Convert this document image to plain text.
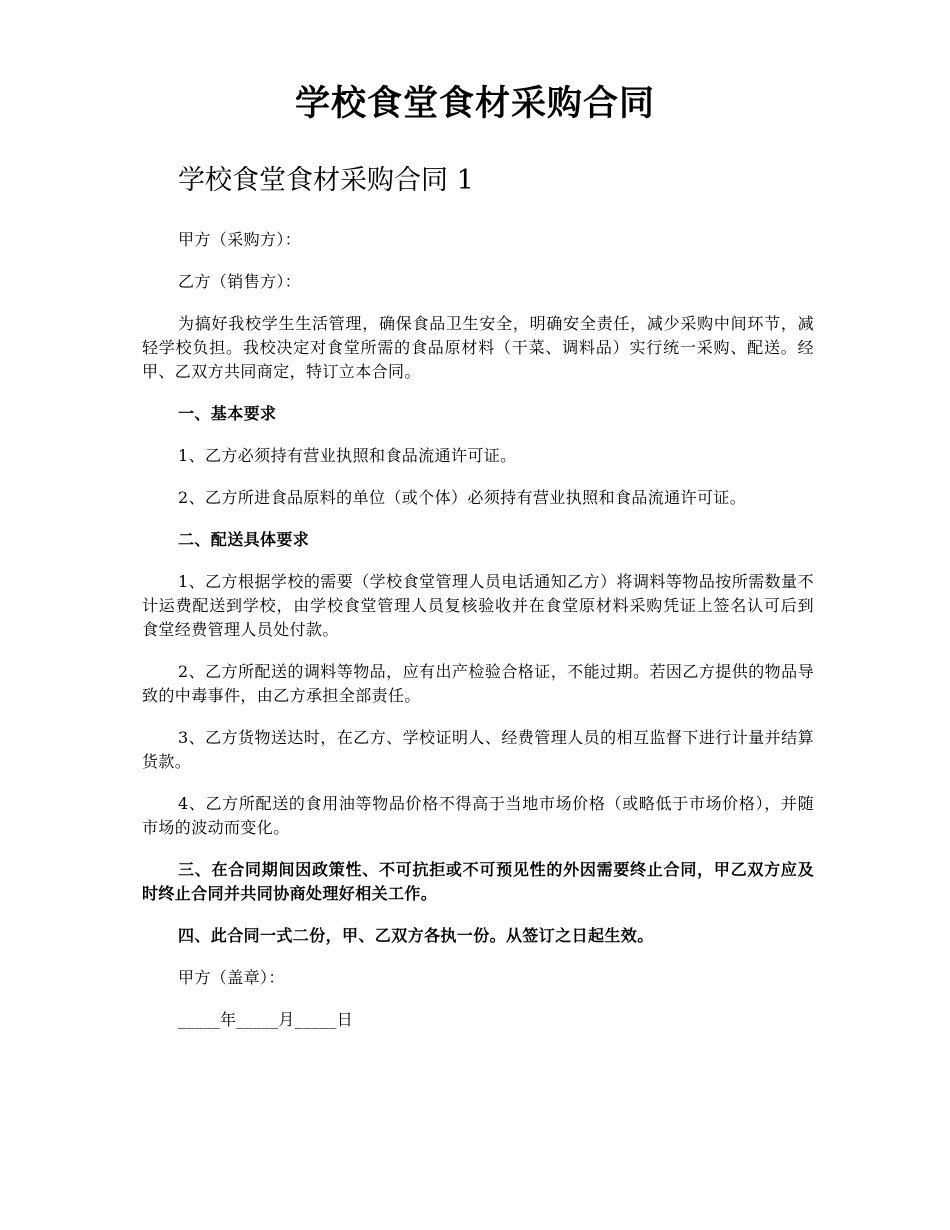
学校食堂食材采购合同
学校食堂食材采购合同 1

甲方（采购方）：

乙方（销售方）：

为搞好我校学生生活管理，确保食品卫生安全，明确安全责任，减少采购中间环节，减轻学校负担。我校决定对食堂所需的食品原材料（干菜、调料品）实行统一采购、配送。经甲、乙双方共同商定，特订立本合同。

一、基本要求

1、乙方必须持有营业执照和食品流通许可证。

2、乙方所进食品原料的单位（或个体）必须持有营业执照和食品流通许可证。

二、配送具体要求

1、乙方根据学校的需要（学校食堂管理人员电话通知乙方）将调料等物品按所需数量不计运费配送到学校，由学校食堂管理人员复核验收并在食堂原材料采购凭证上签名认可后到食堂经费管理人员处付款。

2、乙方所配送的调料等物品，应有出产检验合格证，不能过期。若因乙方提供的物品导致的中毒事件，由乙方承担全部责任。

3、乙方货物送达时，在乙方、学校证明人、经费管理人员的相互监督下进行计量并结算货款。

4、乙方所配送的食用油等物品价格不得高于当地市场价格（或略低于市场价格），并随市场的波动而变化。

三、在合同期间因政策性、不可抗拒或不可预见性的外因需要终止合同，甲乙双方应及时终止合同并共同协商处理好相关工作。

四、此合同一式二份，甲、乙双方各执一份。从签订之日起生效。

甲方（盖章）：

_____年_____月_____日
